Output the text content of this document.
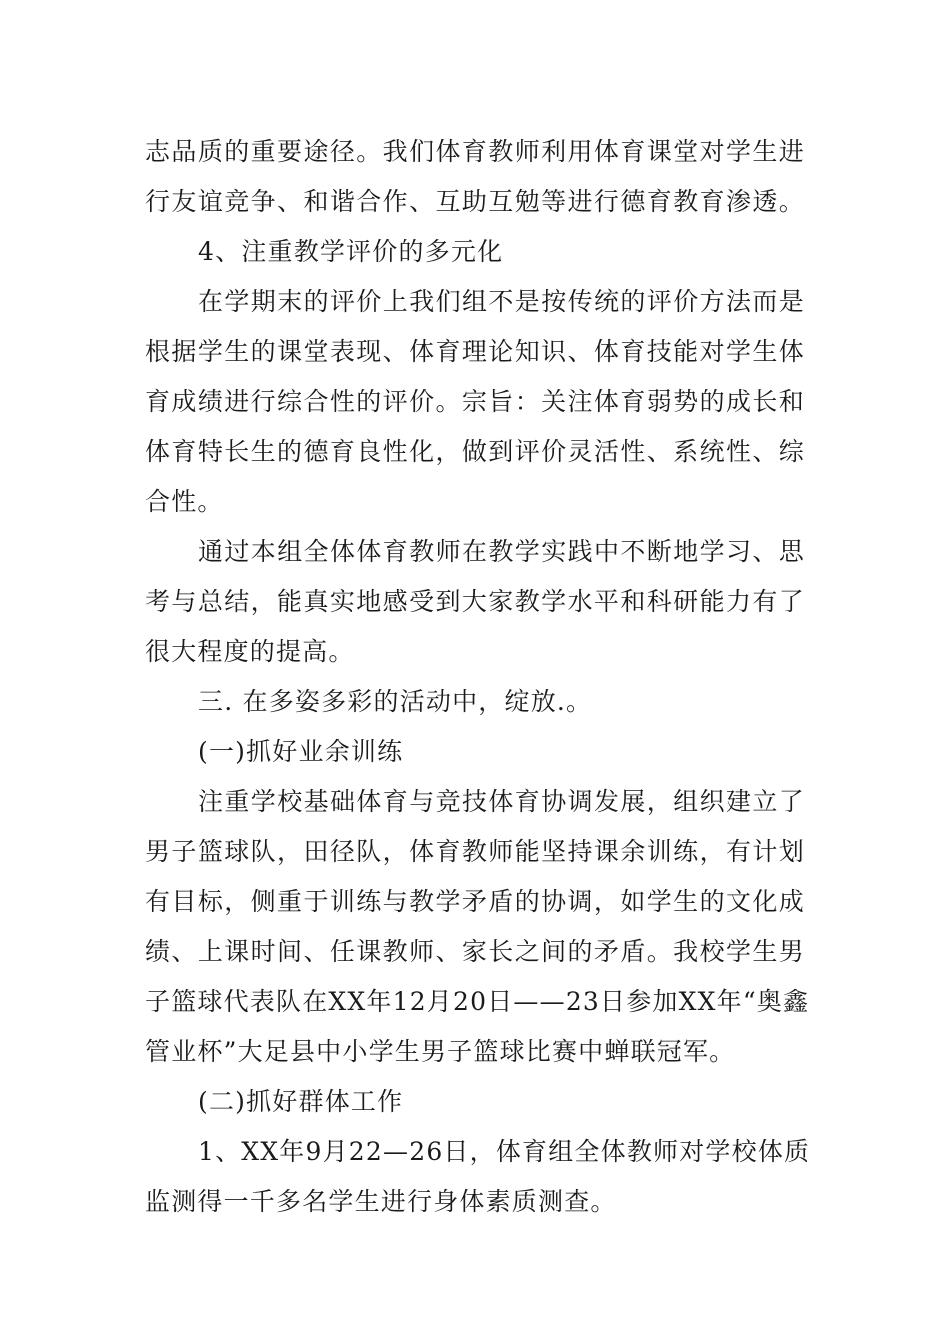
志品质的重要途径。我们体育教师利用体育课堂对学生进
行友谊竞争、和谐合作、互助互勉等进行德育教育渗透。
4、注重教学评价的多元化
在学期末的评价上我们组不是按传统的评价方法而是
根据学生的课堂表现、体育理论知识、体育技能对学生体
育成绩进行综合性的评价。宗旨：关注体育弱势的成长和
体育特长生的德育良性化，做到评价灵活性、系统性、综
合性。
通过本组全体体育教师在教学实践中不断地学习、思
考与总结，能真实地感受到大家教学水平和科研能力有了
很大程度的提高。
三. 在多姿多彩的活动中，绽放.。
(一)抓好业余训练
注重学校基础体育与竞技体育协调发展，组织建立了
男子篮球队，田径队，体育教师能坚持课余训练，有计划
有目标，侧重于训练与教学矛盾的协调，如学生的文化成
绩、上课时间、任课教师、家长之间的矛盾。我校学生男
子篮球代表队在XX年12月20日——23日参加XX年“奥鑫
管业杯”大足县中小学生男子篮球比赛中蝉联冠军。
(二)抓好群体工作
1、XX年9月22—26日，体育组全体教师对学校体质
监测得一千多名学生进行身体素质测查。
